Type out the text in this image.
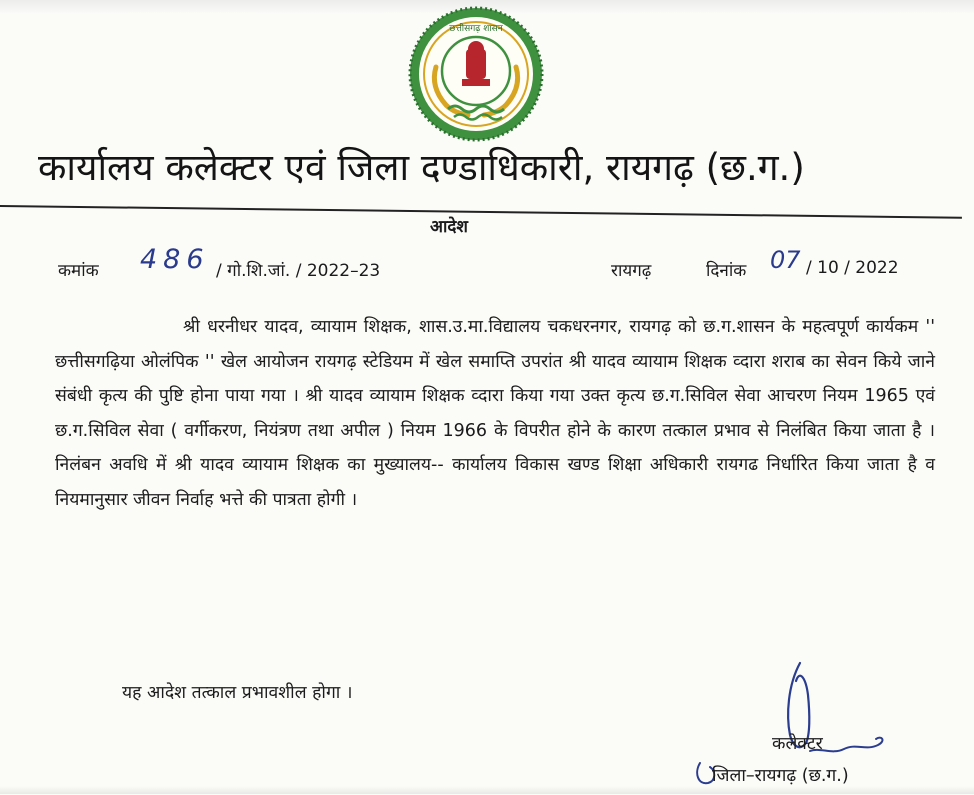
छत्तीसगढ़ शासन
कार्यालय कलेक्टर एवं जिला दण्डाधिकारी, रायगढ़ (छ.ग.)
आदेश
कमांक 486 / गो.शि.जां. / 2022–23	रायगढ़	दिनांक 07 / 10 / 2022

श्री धरनीधर यादव, व्यायाम शिक्षक, शास.उ.मा.विद्यालय चकधरनगर, रायगढ़ को छ.ग.शासन के महत्वपूर्ण कार्यकम '' छत्तीसगढ़िया ओलंपिक '' खेल आयोजन रायगढ़ स्टेडियम में खेल समाप्ति उपरांत श्री यादव व्यायाम शिक्षक व्दारा शराब का सेवन किये जाने संबंधी कृत्य की पुष्टि होना पाया गया । श्री यादव व्यायाम शिक्षक व्दारा किया गया उक्त कृत्य छ.ग.सिविल सेवा आचरण नियम 1965 एवं छ.ग.सिविल सेवा ( वर्गीकरण, नियंत्रण तथा अपील ) नियम 1966 के विपरीत होने के कारण तत्काल प्रभाव से निलंबित किया जाता है । निलंबन अवधि में श्री यादव व्यायाम शिक्षक का मुख्यालय-- कार्यालय विकास खण्ड शिक्षा अधिकारी रायगढ निर्धारित किया जाता है व नियमानुसार जीवन निर्वाह भत्ते की पात्रता होगी ।

यह आदेश तत्काल प्रभावशील होगा ।
कलेक्टर
जिला–रायगढ़ (छ.ग.)
